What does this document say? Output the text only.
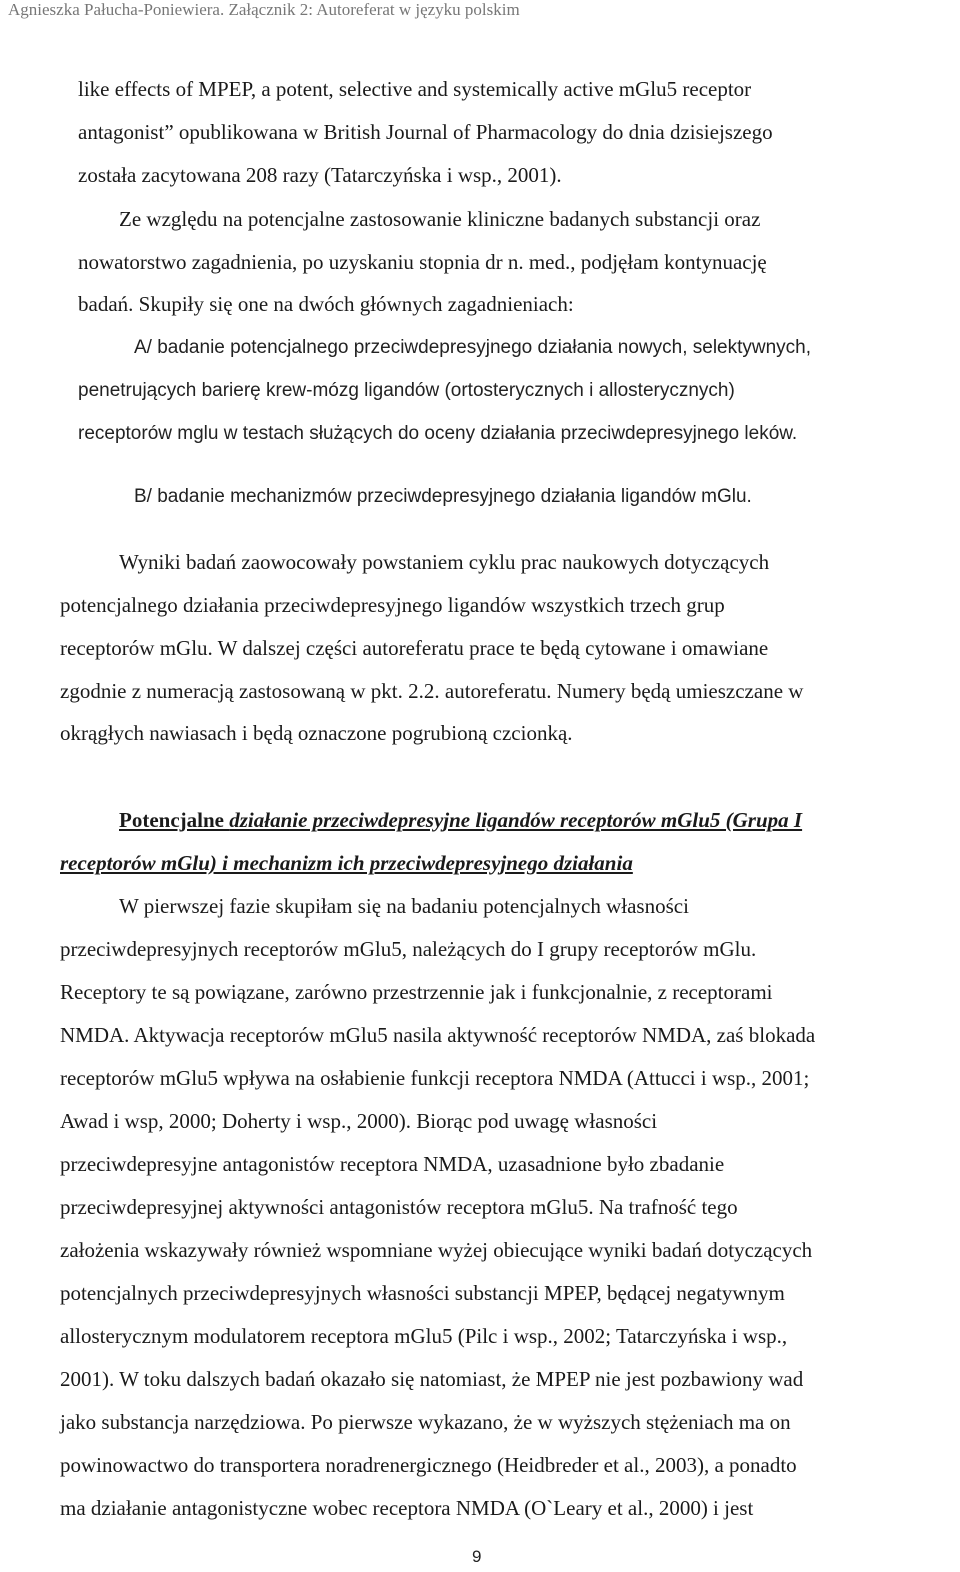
Agnieszka Pałucha-Poniewiera. Załącznik 2: Autoreferat w języku polskim
like effects of MPEP, a potent, selective and systemically active mGlu5 receptor
antagonist” opublikowana w British Journal of Pharmacology do dnia dzisiejszego
została zacytowana 208 razy (Tatarczyńska i wsp., 2001).
Ze względu na potencjalne zastosowanie kliniczne badanych substancji oraz
nowatorstwo zagadnienia, po uzyskaniu stopnia dr n. med., podjęłam kontynuację
badań. Skupiły się one na dwóch głównych zagadnieniach:
A/ badanie potencjalnego przeciwdepresyjnego działania nowych, selektywnych,
penetrujących barierę krew-mózg ligandów (ortosterycznych i allosterycznych)
receptorów mglu w testach służących do oceny działania przeciwdepresyjnego leków.
B/ badanie mechanizmów przeciwdepresyjnego działania ligandów mGlu.
Wyniki badań zaowocowały powstaniem cyklu prac naukowych dotyczących
potencjalnego działania przeciwdepresyjnego ligandów wszystkich trzech grup
receptorów mGlu. W dalszej części autoreferatu prace te będą cytowane i omawiane
zgodnie z numeracją zastosowaną w pkt. 2.2. autoreferatu. Numery będą umieszczane w
okrągłych nawiasach i będą oznaczone pogrubioną czcionką.
Potencjalne działanie przeciwdepresyjne ligandów receptorów mGlu5 (Grupa I
receptorów mGlu) i mechanizm ich przeciwdepresyjnego działania
W pierwszej fazie skupiłam się na badaniu potencjalnych własności
przeciwdepresyjnych receptorów mGlu5, należących do I grupy receptorów mGlu.
Receptory te są powiązane, zarówno przestrzennie jak i funkcjonalnie, z receptorami
NMDA. Aktywacja receptorów mGlu5 nasila aktywność receptorów NMDA, zaś blokada
receptorów mGlu5 wpływa na osłabienie funkcji receptora NMDA (Attucci i wsp., 2001;
Awad i wsp, 2000; Doherty i wsp., 2000). Biorąc pod uwagę własności
przeciwdepresyjne antagonistów receptora NMDA, uzasadnione było zbadanie
przeciwdepresyjnej aktywności antagonistów receptora mGlu5. Na trafność tego
założenia wskazywały również wspomniane wyżej obiecujące wyniki badań dotyczących
potencjalnych przeciwdepresyjnych własności substancji MPEP, będącej negatywnym
allosterycznym modulatorem receptora mGlu5 (Pilc i wsp., 2002; Tatarczyńska i wsp.,
2001). W toku dalszych badań okazało się natomiast, że MPEP nie jest pozbawiony wad
jako substancja narzędziowa. Po pierwsze wykazano, że w wyższych stężeniach ma on
powinowactwo do transportera noradrenergicznego (Heidbreder et al., 2003), a ponadto
ma działanie antagonistyczne wobec receptora NMDA (O`Leary et al., 2000) i jest
9
